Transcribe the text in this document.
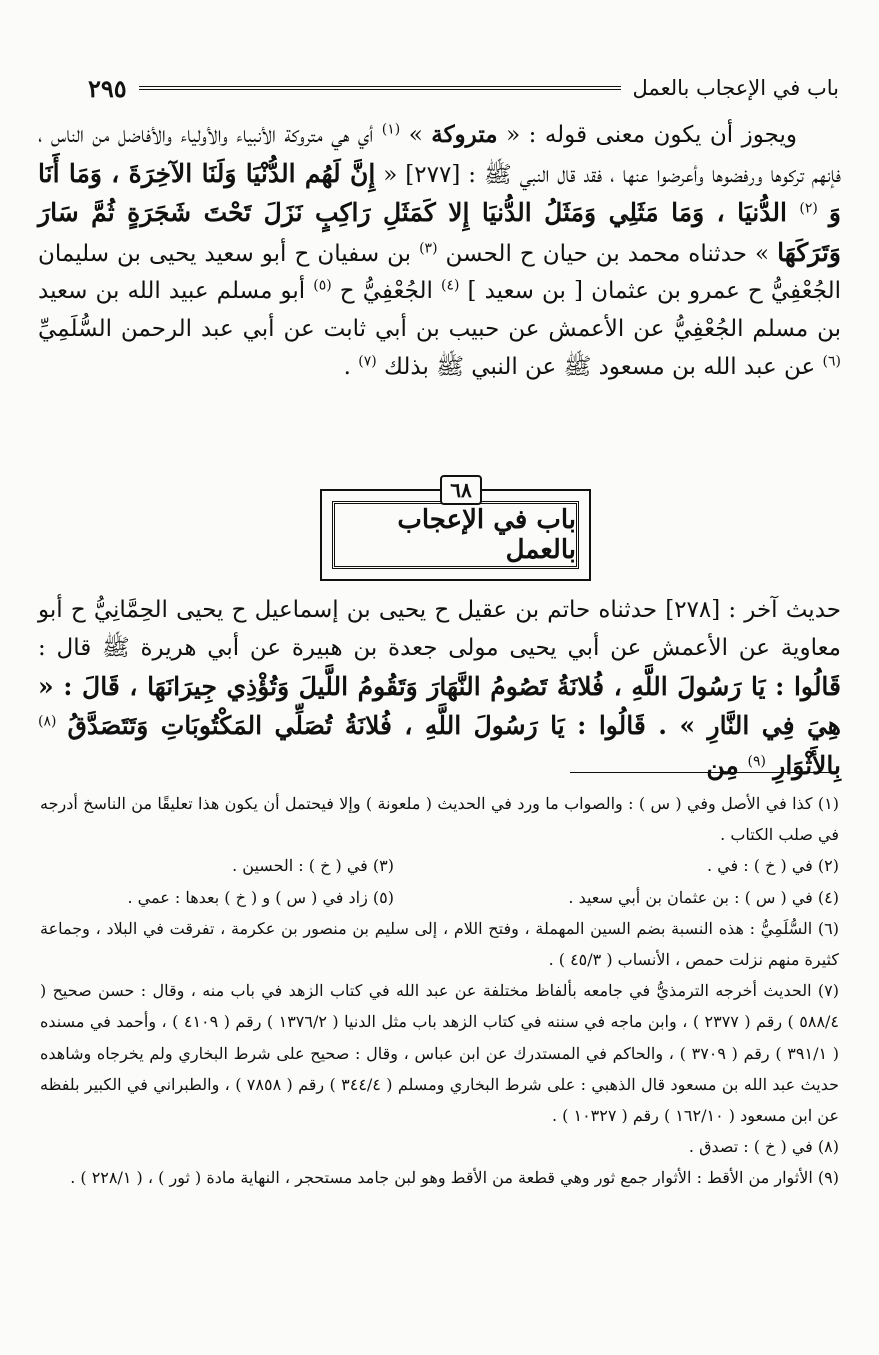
باب في الإعجاب بالعمل
٢٩٥

ويجوز أن يكون معنى قوله : « متروكة » $^{(١)}$ أي هي متروكة الأنبياء والأولياء والأفاضل من الناس ، فإنهم تركوها ورفضوها وأعرضوا عنها ، فقد قال النبي ﷺ : [٢٧٧] « إِنَّ لَهُم الدُّنْيَا وَلَنَا الآخِرَةَ ، وَمَا أَنَا وَ $^{(٢)}$ الدُّنيَا ، وَمَا مَثَلِي وَمَثَلُ الدُّنيَا إِلا كَمَثَلِ رَاكِبٍ نَزَلَ تَحْتَ شَجَرَةٍ ثُمَّ سَارَ وَتَرَكَهَا » حدثناه محمد بن حيان ح الحسن $^{(٣)}$ بن سفيان ح أبو سعيد يحيى بن سليمان الجُعْفِيُّ ح عمرو بن عثمان [ بن سعيد ] $^{(٤)}$ الجُعْفِيُّ ح $^{(٥)}$ أبو مسلم عبيد الله بن سعيد بن مسلم الجُعْفِيُّ عن الأعمش عن حبيب بن أبي ثابت عن أبي عبد الرحمن السُّلَمِيِّ $^{(٦)}$ عن عبد الله بن مسعود ﷺ عن النبي ﷺ بذلك $^{(٧)}$ .

٦٨
باب في الإعجاب بالعمل

حديث آخر : [٢٧٨] حدثناه حاتم بن عقيل ح يحيى بن إسماعيل ح يحيى الحِمَّانِيُّ ح أبو معاوية عن الأعمش عن أبي يحيى مولى جعدة بن هبيرة عن أبي هريرة ﷺ قال : قَالُوا : يَا رَسُولَ اللَّهِ ، فُلانَةُ تَصُومُ النَّهَارَ وَتَقُومُ اللَّيلَ وَتُؤْذِي جِيرَانَهَا ، قَالَ : « هِيَ فِي النَّارِ » . قَالُوا : يَا رَسُولَ اللَّهِ ، فُلانَةُ تُصَلِّي المَكْتُوبَاتِ وَتَتَصَدَّقُ $^{(٨)}$ بِالأَثْوَارِ $^{(٩)}$ مِن

(١) كذا في الأصل وفي ( س ) : والصواب ما ورد في الحديث ( ملعونة ) وإلا فيحتمل أن يكون هذا تعليقًا من الناسخ أدرجه في صلب الكتاب .

(٢) في ( خ ) : في .
(٣) في ( خ ) : الحسين .
(٤) في ( س ) : بن عثمان بن أبي سعيد .
(٥) زاد في ( س ) و ( خ ) بعدها : عمي .

(٦) السُّلَمِيُّ : هذه النسبة بضم السين المهملة ، وفتح اللام ، إلى سليم بن منصور بن عكرمة ، تفرقت في البلاد ، وجماعة كثيرة منهم نزلت حمص ، الأنساب ( ٤٥/٣ ) .

(٧) الحديث أخرجه الترمذيُّ في جامعه بألفاظ مختلفة عن عبد الله في كتاب الزهد في باب منه ، وقال : حسن صحيح ( ٥٨٨/٤ ) رقم ( ٢٣٧٧ ) ، وابن ماجه في سننه في كتاب الزهد باب مثل الدنيا ( ١٣٧٦/٢ ) رقم ( ٤١٠٩ ) ، وأحمد في مسنده ( ٣٩١/١ ) رقم ( ٣٧٠٩ ) ، والحاكم في المستدرك عن ابن عباس ، وقال : صحيح على شرط البخاري ولم يخرجاه وشاهده حديث عبد الله بن مسعود قال الذهبي : على شرط البخاري ومسلم ( ٣٤٤/٤ ) رقم ( ٧٨٥٨ ) ، والطبراني في الكبير بلفظه عن ابن مسعود ( ١٦٢/١٠ ) رقم ( ١٠٣٢٧ ) .

(٨) في ( خ ) : تصدق .

(٩) الأثوار من الأقط : الأثوار جمع ثور وهي قطعة من الأقط وهو لبن جامد مستحجر ، النهاية مادة ( ثور ) ، ( ٢٢٨/١ ) .
